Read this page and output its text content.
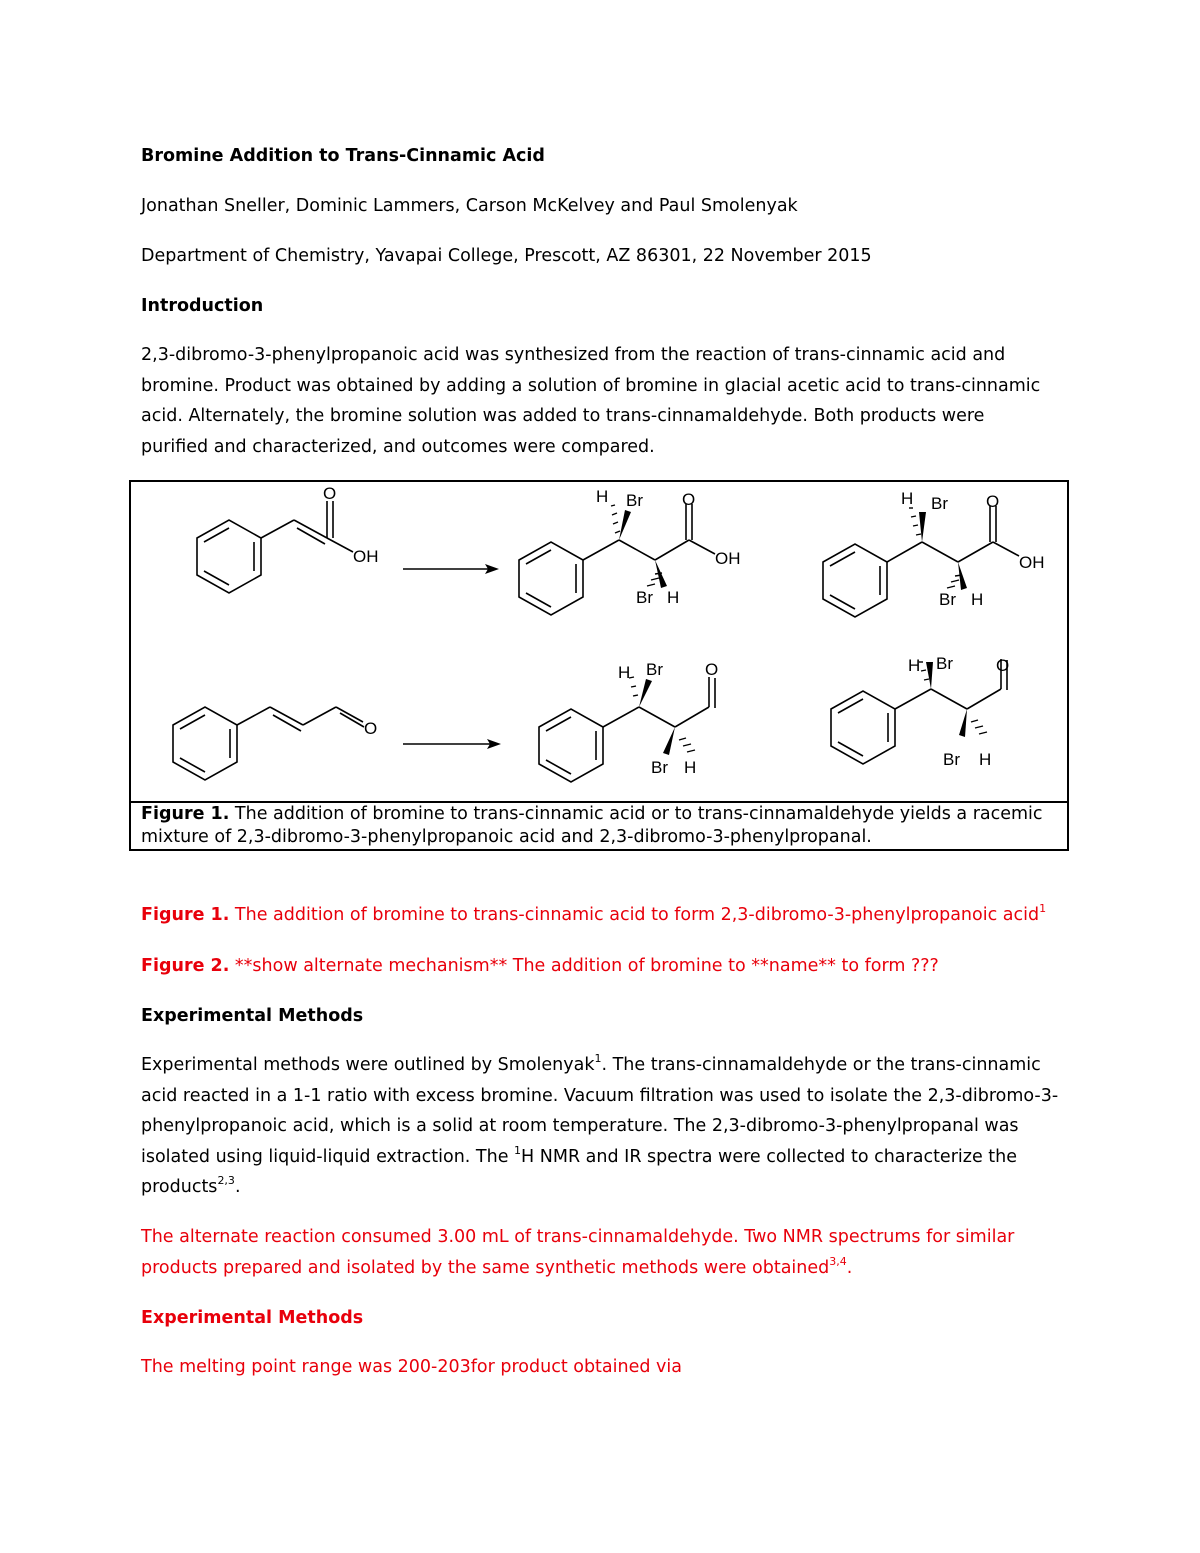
Bromine Addition to Trans-Cinnamic Acid
Jonathan Sneller, Dominic Lammers, Carson McKelvey and Paul Smolenyak
Department of Chemistry, Yavapai College, Prescott, AZ 86301, 22 November 2015
Introduction
2,3-dibromo-3-phenylpropanoic acid was synthesized from the reaction of trans-cinnamic acid and
bromine. Product was obtained by adding a solution of bromine in glacial acetic acid to trans-cinnamic
acid. Alternately, the bromine solution was added to trans-cinnamaldehyde. Both products were
purified and characterized, and outcomes were compared.
O
OH
H Br O
OH
Br H
H Br O
OH
Br H
O
H Br O
Br H
H Br	O
Br H
Figure 1. The addition of bromine to trans-cinnamic acid or to trans-cinnamaldehyde yields a racemic
mixture of 2,3-dibromo-3-phenylpropanoic acid and 2,3-dibromo-3-phenylpropanal.
Figure 1. The addition of bromine to trans-cinnamic acid to form 2,3-dibromo-3-phenylpropanoic acid$^1$
Figure 2. **show alternate mechanism** The addition of bromine to **name** to form ???
Experimental Methods
Experimental methods were outlined by Smolenyak$^1$. The trans-cinnamaldehyde or the trans-cinnamic
acid reacted in a 1-1 ratio with excess bromine. Vacuum filtration was used to isolate the 2,3-dibromo-3-
phenylpropanoic acid, which is a solid at room temperature. The 2,3-dibromo-3-phenylpropanal was
isolated using liquid-liquid extraction. The $^1$H NMR and IR spectra were collected to characterize the
products$^{2,3}$.
The alternate reaction consumed 3.00 mL of trans-cinnamaldehyde. Two NMR spectrums for similar
products prepared and isolated by the same synthetic methods were obtained$^{3,4}$.
Experimental Methods
The melting point range was 200-203for product obtained via
